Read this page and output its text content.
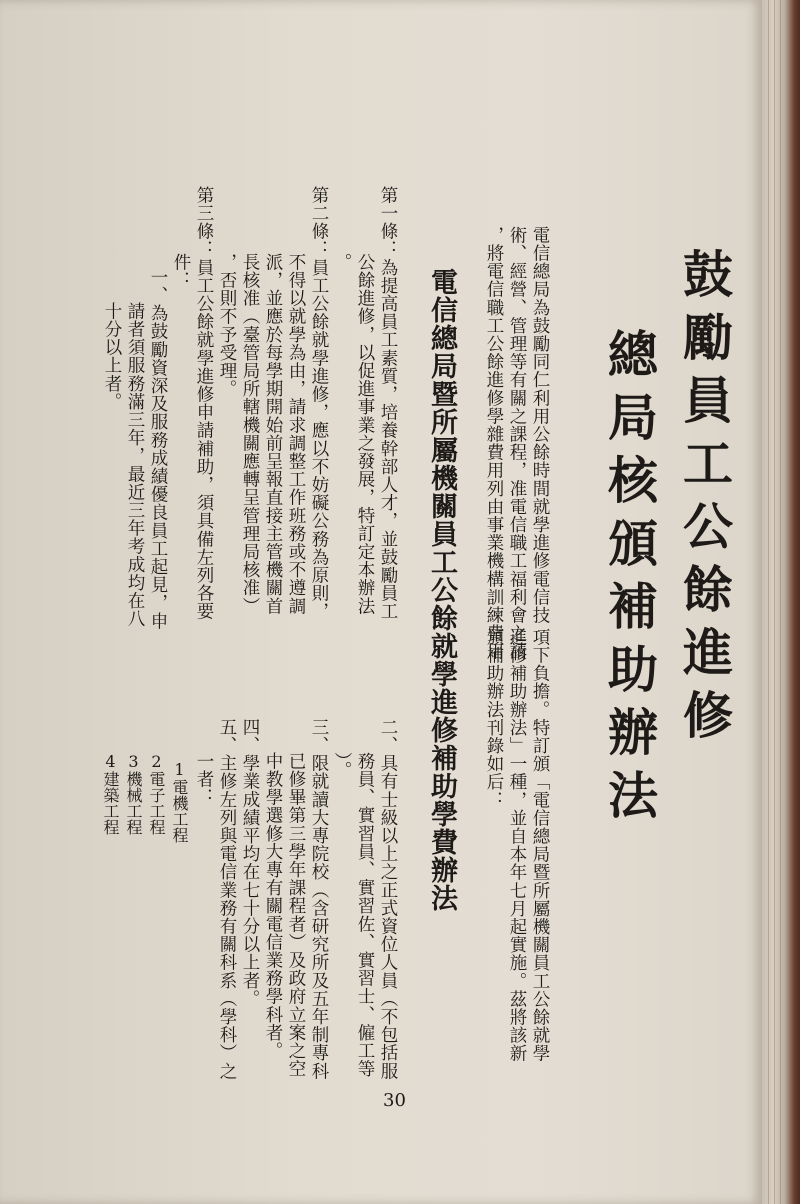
鼓勵員工公餘進修
總局核頒補助辦法
電信總局為鼓勵同仁利用公餘時間就學進修電信技
術、經營、管理等有關之課程，准電信職工福利會之請
，將電信職工公餘進修學雜費用列由事業機構訓練費用
項下負擔。特訂頒「電信總局暨所屬機關員工公餘就學
進修補助辦法」一種，並自本年七月起實施。茲將該新
頒補助辦法刊錄如后：
電信總局暨所屬機關員工公餘就學進修補助學費辦法
第一條：為提高員工素質，培養幹部人才，並鼓勵員工
公餘進修，以促進事業之發展，特訂定本辦法
。
第二條：員工公餘就學進修，應以不妨礙公務為原則，
不得以就學為由，請求調整工作班務或不遵調
派，並應於每學期開始前呈報直接主管機關首
長核准（臺管局所轄機關應轉呈管理局核准）
，否則不予受理。
第三條：員工公餘就學進修申請補助，須具備左列各要
件：
一、為鼓勵資深及服務成績優良員工起見，申
請者須服務滿三年，最近三年考成均在八
十分以上者。
二、具有士級以上之正式資位人員（不包括服
務員、實習員、實習佐、實習士、僱工等
）。
三、限就讀大專院校（含研究所及五年制專科
已修畢第三學年課程者）及政府立案之空
中教學選修大專有關電信業務學科者。
四、學業成績平均在七十分以上者。
五、主修左列與電信業務有關科系（學科）之
一者：
1電機工程
2電子工程
3機械工程
4建築工程
30
